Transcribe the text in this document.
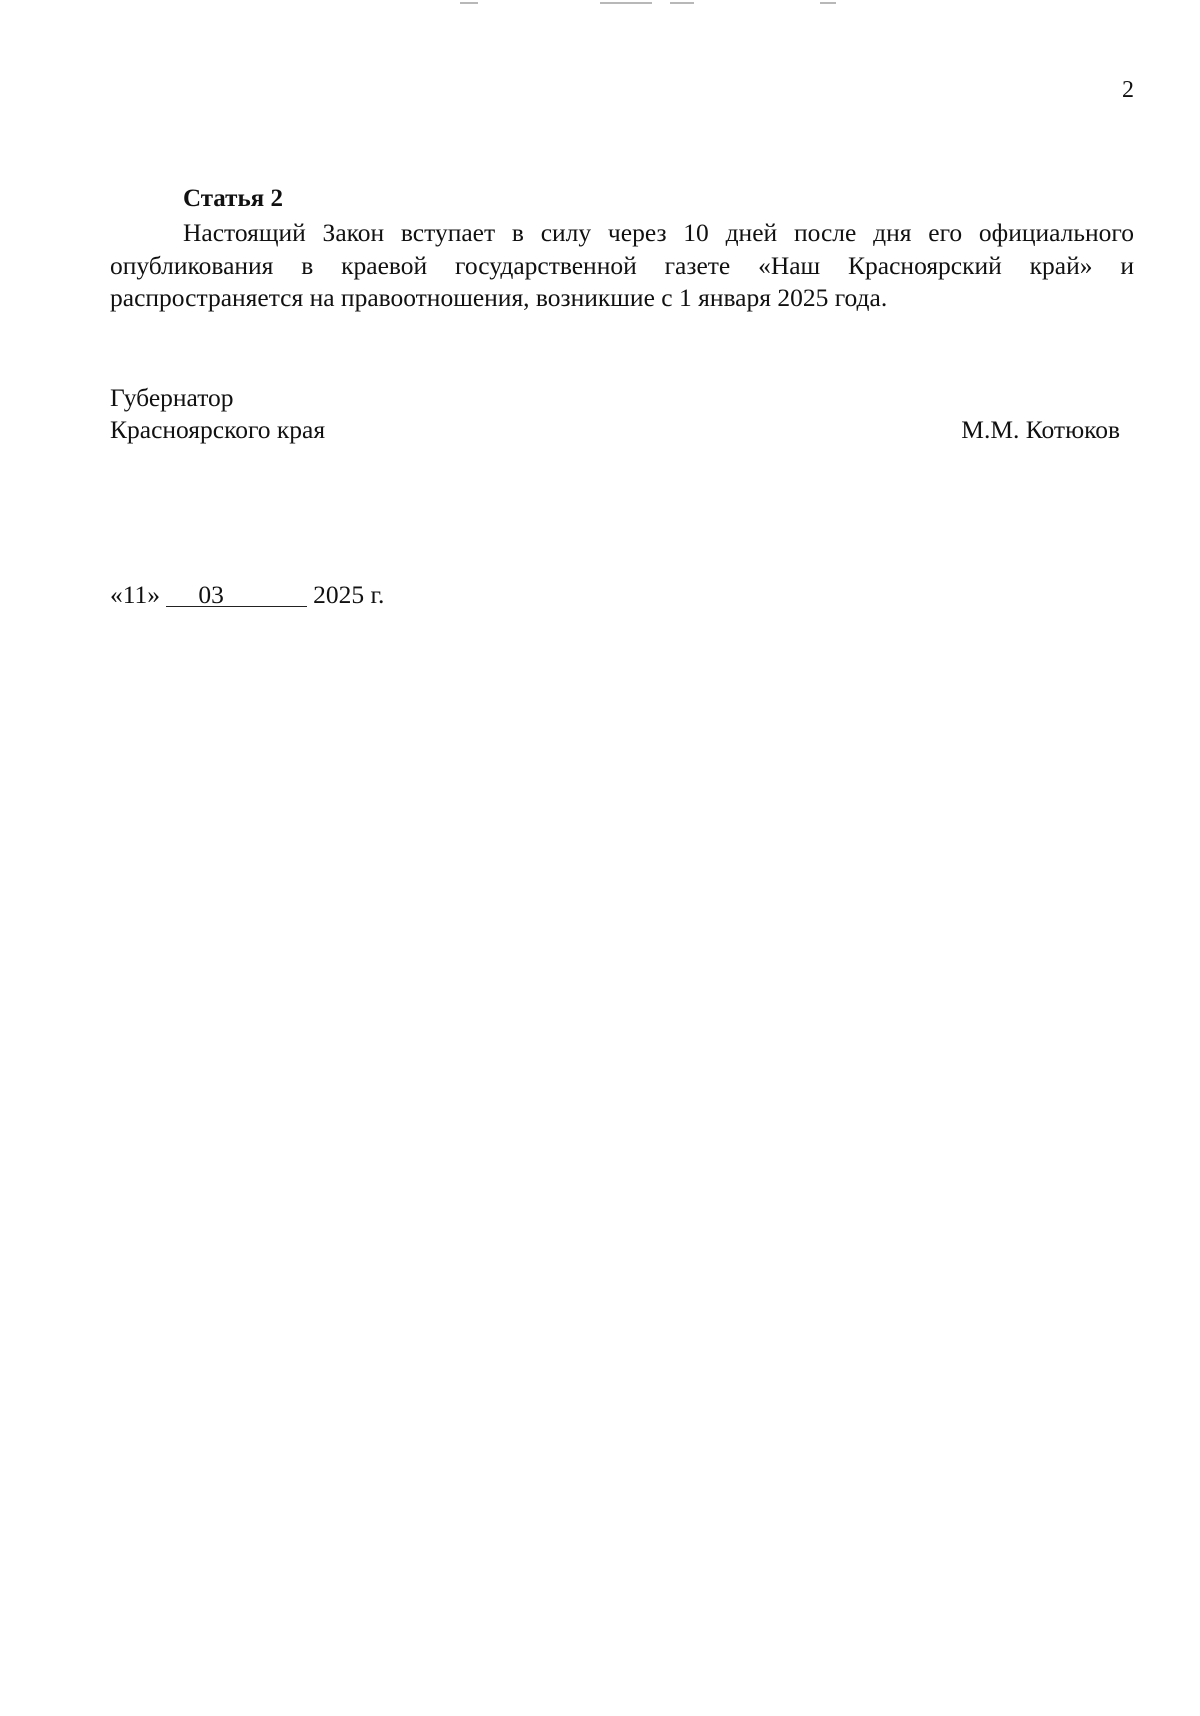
2
Статья 2

Настоящий Закон вступает в силу через 10 дней после дня его официального опубликования в краевой государственной газете «Наш Красноярский край» и распространяется на правоотношения, возникшие с 1 января 2025 года.

Губернатор
Красноярского края	М.М. Котюков
«11» 03	2025 г.
